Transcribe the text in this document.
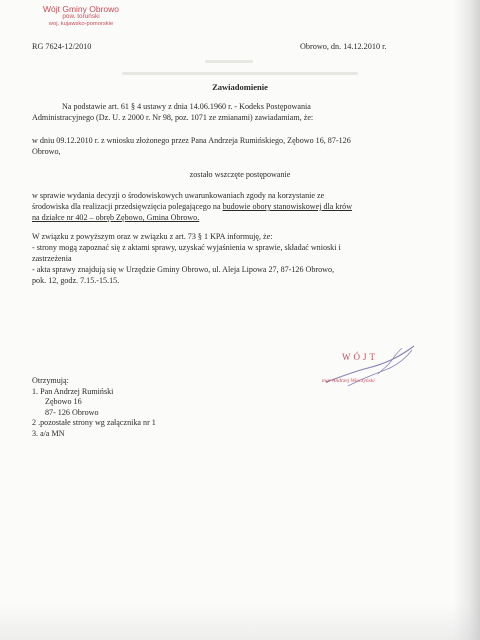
Wójt Gminy Obrowo
pow. toruński
woj. kujawsko-pomorskie
RG 7624-12/2010	Obrowo, dn. 14.12.2010 r.
Zawiadomienie
Na podstawie art. 61 § 4 ustawy z dnia 14.06.1960 r. - Kodeks Postępowania
Administracyjnego (Dz. U. z 2000 r. Nr 98, poz. 1071 ze zmianami) zawiadamiam, że:
w dniu 09.12.2010 r. z wniosku złożonego przez Pana Andrzeja Rumińskiego, Zębowo 16, 87-126
Obrowo,
zostało wszczęte postępowanie
w sprawie wydania decyzji o środowiskowych uwarunkowaniach zgody na korzystanie ze
środowiska dla realizacji przedsięwzięcia polegającego na budowie obory stanowiskowej dla krów
na działce nr 402 – obręb Zębowo, Gmina Obrowo.
W związku z powyższym oraz w związku z art. 73 § 1 KPA informuję, że:
- strony mogą zapoznać się z aktami sprawy, uzyskać wyjaśnienia w sprawie, składać wnioski i
zastrzeżenia
- akta sprawy znajdują się w Urzędzie Gminy Obrowo, ul. Aleja Lipowa 27, 87-126 Obrowo,
pok. 12, godz. 7.15.-15.15.
WÓJT
mgr Andrzej Wieczyński
Otrzymują:
1. Pan Andrzej Rumiński
Zębowo 16
87- 126 Obrowo
2 .pozostałe strony wg załącznika nr 1
3. a/a MN
